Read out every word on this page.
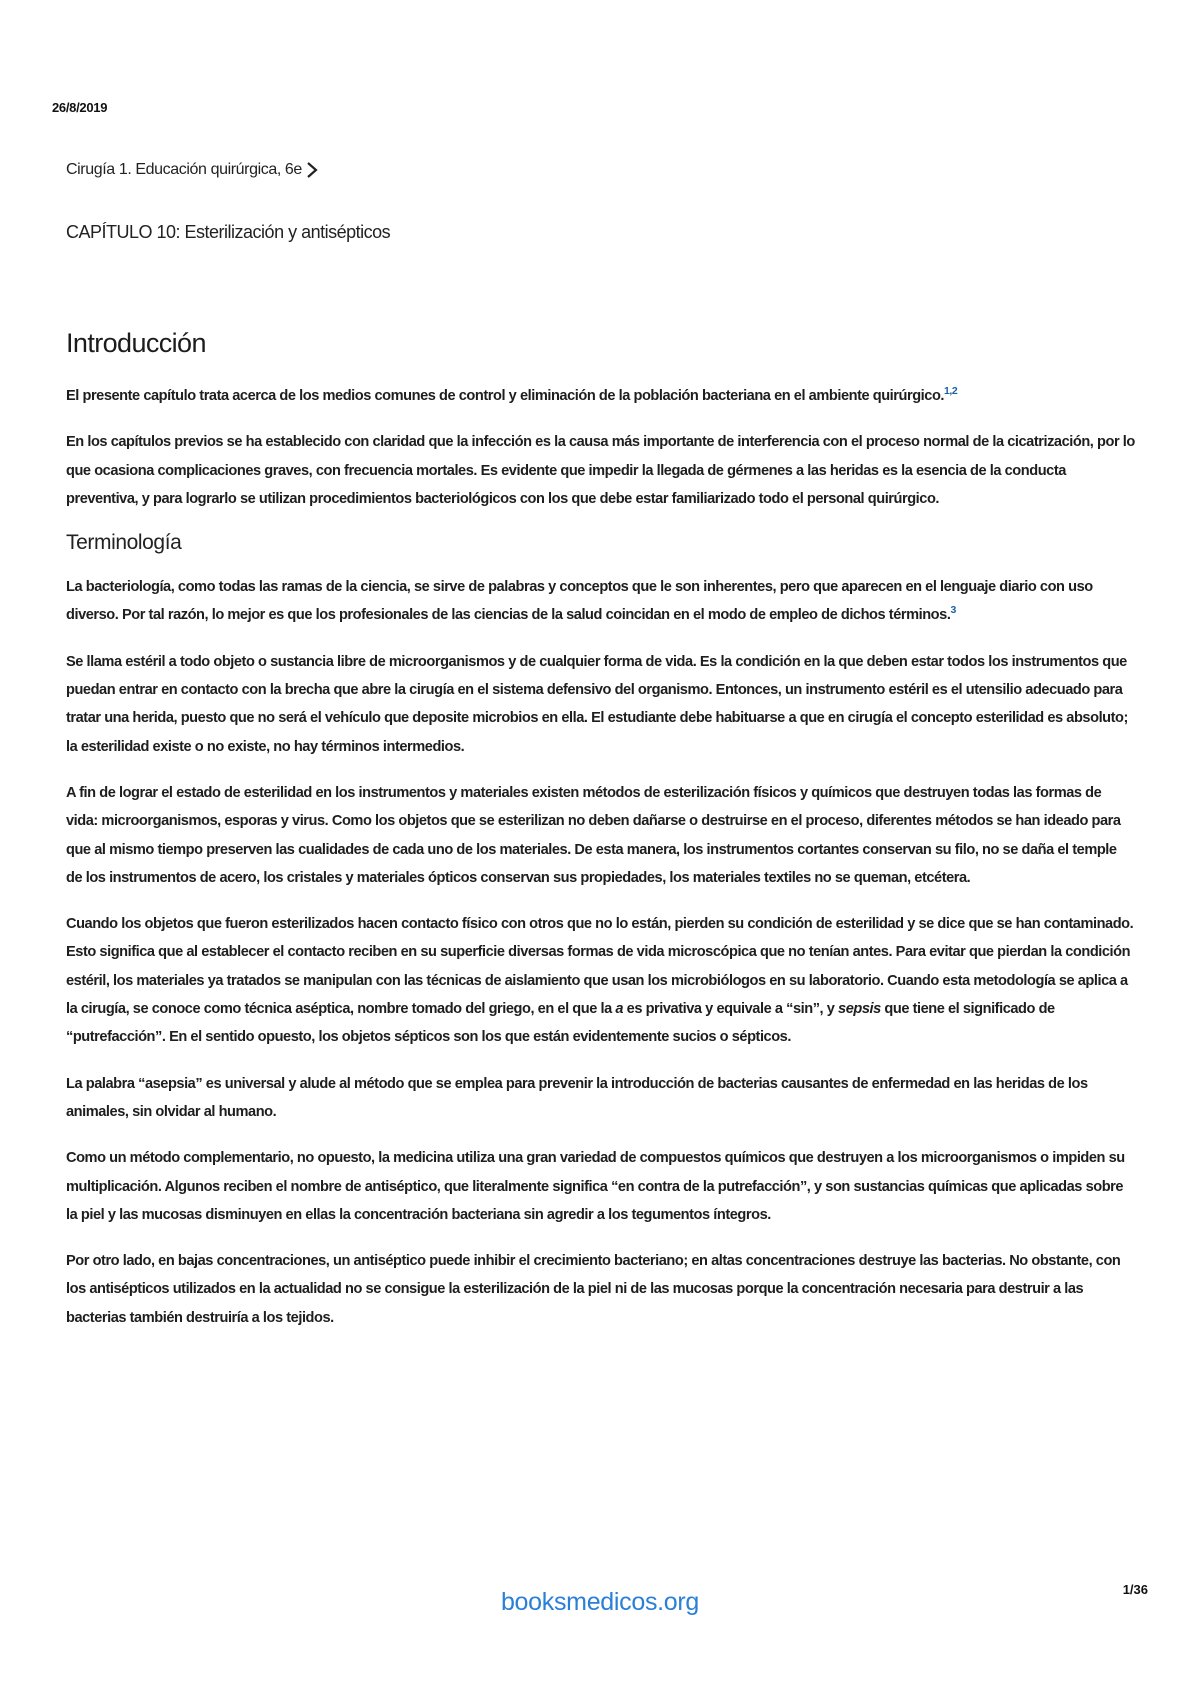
26/8/2019
Cirugía 1. Educación quirúrgica, 6e
CAPÍTULO 10: Esterilización y antisépticos
Introducción

El presente capítulo trata acerca de los medios comunes de control y eliminación de la población bacteriana en el ambiente quirúrgico.$^{1,2}$

En los capítulos previos se ha establecido con claridad que la infección es la causa más importante de interferencia con el proceso normal de la cicatrización, por lo que ocasiona complicaciones graves, con frecuencia mortales. Es evidente que impedir la llegada de gérmenes a las heridas es la esencia de la conducta preventiva, y para lograrlo se utilizan procedimientos bacteriológicos con los que debe estar familiarizado todo el personal quirúrgico.

Terminología

La bacteriología, como todas las ramas de la ciencia, se sirve de palabras y conceptos que le son inherentes, pero que aparecen en el lenguaje diario con uso diverso. Por tal razón, lo mejor es que los profesionales de las ciencias de la salud coincidan en el modo de empleo de dichos términos.$^3$

Se llama estéril a todo objeto o sustancia libre de microorganismos y de cualquier forma de vida. Es la condición en la que deben estar todos los instrumentos que puedan entrar en contacto con la brecha que abre la cirugía en el sistema defensivo del organismo. Entonces, un instrumento estéril es el utensilio adecuado para tratar una herida, puesto que no será el vehículo que deposite microbios en ella. El estudiante debe habituarse a que en cirugía el concepto esterilidad es absoluto; la esterilidad existe o no existe, no hay términos intermedios.

A fin de lograr el estado de esterilidad en los instrumentos y materiales existen métodos de esterilización físicos y químicos que destruyen todas las formas de vida: microorganismos, esporas y virus. Como los objetos que se esterilizan no deben dañarse o destruirse en el proceso, diferentes métodos se han ideado para que al mismo tiempo preserven las cualidades de cada uno de los materiales. De esta manera, los instrumentos cortantes conservan su filo, no se daña el temple de los instrumentos de acero, los cristales y materiales ópticos conservan sus propiedades, los materiales textiles no se queman, etcétera.

Cuando los objetos que fueron esterilizados hacen contacto físico con otros que no lo están, pierden su condición de esterilidad y se dice que se han contaminado. Esto significa que al establecer el contacto reciben en su superficie diversas formas de vida microscópica que no tenían antes. Para evitar que pierdan la condición estéril, los materiales ya tratados se manipulan con las técnicas de aislamiento que usan los microbiólogos en su laboratorio. Cuando esta metodología se aplica a la cirugía, se conoce como técnica aséptica, nombre tomado del griego, en el que la a es privativa y equivale a “sin”, y sepsis que tiene el significado de “putrefacción”. En el sentido opuesto, los objetos sépticos son los que están evidentemente sucios o sépticos.

La palabra “asepsia” es universal y alude al método que se emplea para prevenir la introducción de bacterias causantes de enfermedad en las heridas de los animales, sin olvidar al humano.

Como un método complementario, no opuesto, la medicina utiliza una gran variedad de compuestos químicos que destruyen a los microorganismos o impiden su multiplicación. Algunos reciben el nombre de antiséptico, que literalmente significa “en contra de la putrefacción”, y son sustancias químicas que aplicadas sobre la piel y las mucosas disminuyen en ellas la concentración bacteriana sin agredir a los tegumentos íntegros.

Por otro lado, en bajas concentraciones, un antiséptico puede inhibir el crecimiento bacteriano; en altas concentraciones destruye las bacterias. No obstante, con los antisépticos utilizados en la actualidad no se consigue la esterilización de la piel ni de las mucosas porque la concentración necesaria para destruir a las bacterias también destruiría a los tejidos.

1/36
booksmedicos.org
